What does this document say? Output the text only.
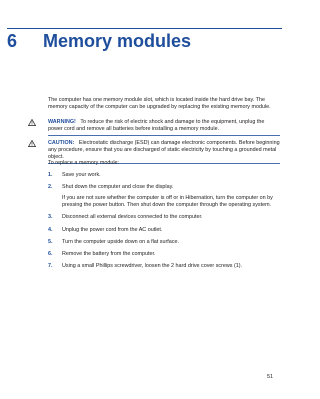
6	Memory modules
The computer has one memory module slot, which is located inside the hard drive bay. The memory capacity of the computer can be upgraded by replacing the existing memory module.
WARNING! To reduce the risk of electric shock and damage to the equipment, unplug the power cord and remove all batteries before installing a memory module.
CAUTION: Electrostatic discharge (ESD) can damage electronic components. Before beginning any procedure, ensure that you are discharged of static electricity by touching a grounded metal object.
To replace a memory module:
1. Save your work.
2. Shut down the computer and close the display.
If you are not sure whether the computer is off or in Hibernation, turn the computer on by pressing the power button. Then shut down the computer through the operating system.
3. Disconnect all external devices connected to the computer.
4. Unplug the power cord from the AC outlet.
5. Turn the computer upside down on a flat surface.
6. Remove the battery from the computer.
7. Using a small Phillips screwdriver, loosen the 2 hard drive cover screws (1).
51
